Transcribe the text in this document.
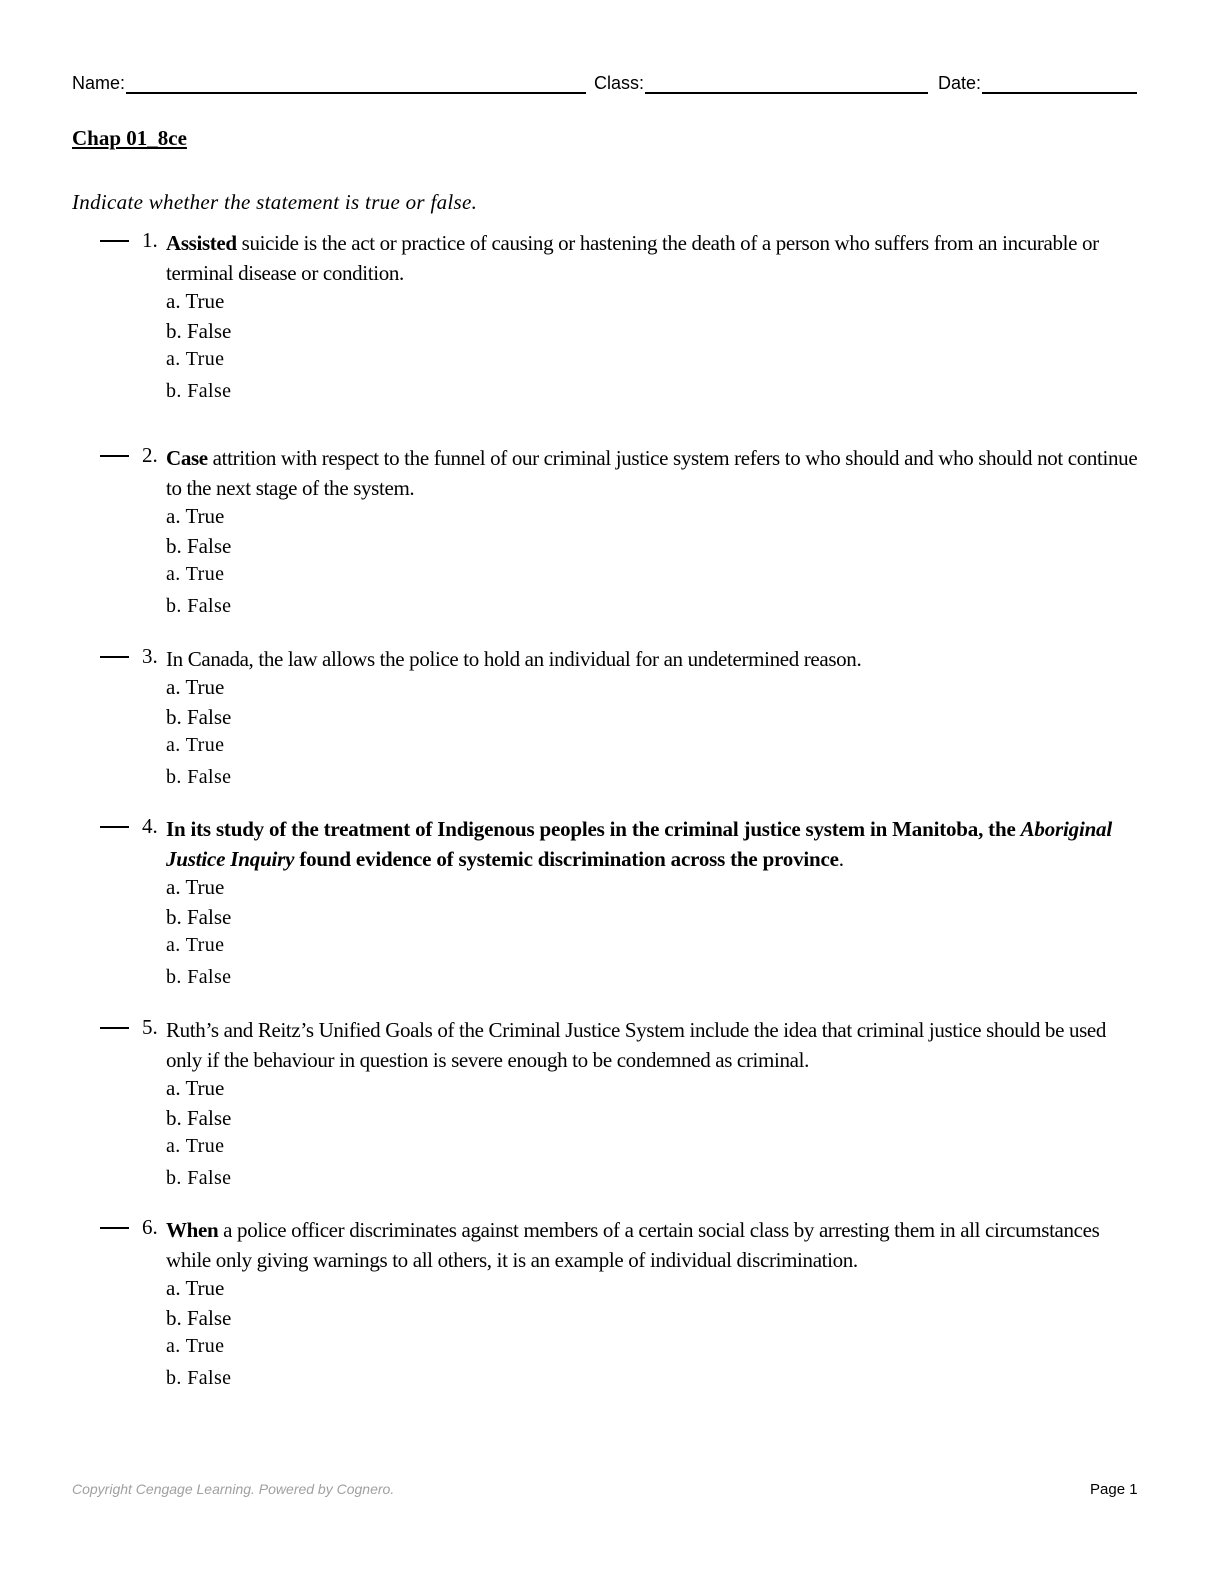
Name:	Class:	Date:
Chap 01_8ce
Indicate whether the statement is true or false.
1. Assisted suicide is the act or practice of causing or hastening the death of a person who suffers from an incurable or terminal disease or condition.
a. True
b. False
a. True
b. False
2. Case attrition with respect to the funnel of our criminal justice system refers to who should and who should not continue to the next stage of the system.
a. True
b. False
a. True
b. False
3. In Canada, the law allows the police to hold an individual for an undetermined reason.
a. True
b. False
a. True
b. False
4. In its study of the treatment of Indigenous peoples in the criminal justice system in Manitoba, the Aboriginal Justice Inquiry found evidence of systemic discrimination across the province.
a. True
b. False
a. True
b. False
5. Ruth’s and Reitz’s Unified Goals of the Criminal Justice System include the idea that criminal justice should be used only if the behaviour in question is severe enough to be condemned as criminal.
a. True
b. False
a. True
b. False
6. When a police officer discriminates against members of a certain social class by arresting them in all circumstances while only giving warnings to all others, it is an example of individual discrimination.
a. True
b. False
a. True
b. False
Copyright Cengage Learning. Powered by Cognero.	Page 1
